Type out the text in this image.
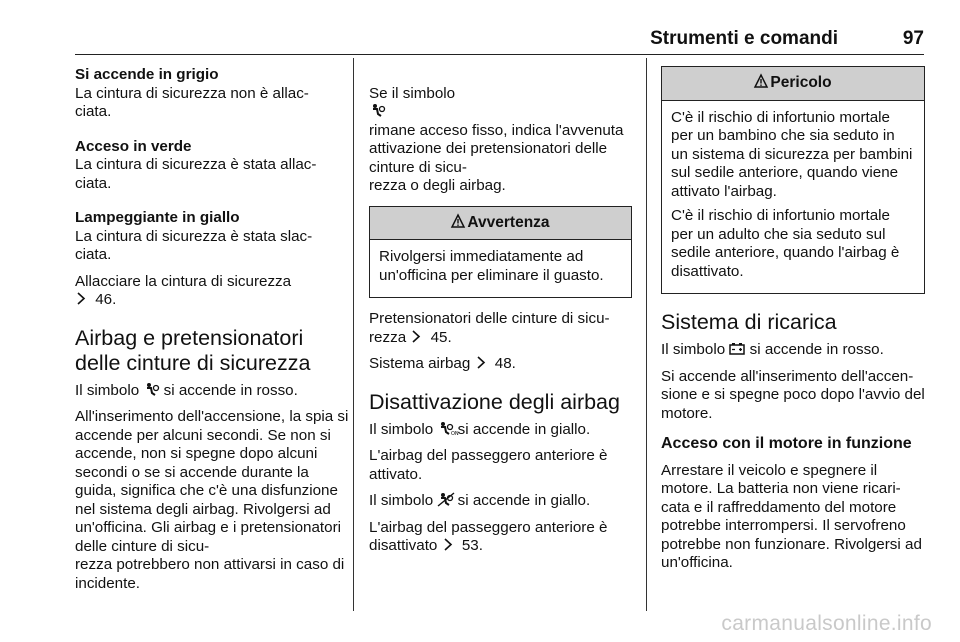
Strumenti e comandi	97

Si accende in grigio

La cintura di sicurezza non è allac-
ciata.

Acceso in verde

La cintura di sicurezza è stata allac-
ciata.

Lampeggiante in giallo

La cintura di sicurezza è stata slac-
ciata.

Allacciare la cintura di sicurezza
46.

Airbag e pretensionatori delle cinture di sicurezza

Il simbolo si accende in rosso.

All'inserimento dell'accensione, la spia si accende per alcuni secondi. Se non si accende, non si spegne dopo alcuni secondi o se si accende durante la guida, significa che c'è una disfunzione nel sistema degli airbag. Rivolgersi ad un'officina. Gli airbag e i pretensionatori delle cinture di sicu-
rezza potrebbero non attivarsi in caso di incidente.

Se il simbolo

rimane acceso fisso, indica l'avvenuta attivazione dei pretensionatori delle cinture di sicu-
rezza o degli airbag.

Avvertenza

Rivolgersi immediatamente ad un'officina per eliminare il guasto.

Pretensionatori delle cinture di sicu-
rezza 45.

Sistema airbag 48.

Disattivazione degli airbag

Il simbolo	ON
si accende in giallo.

L'airbag del passeggero anteriore è attivato.

Il simbolo si accende in giallo.

L'airbag del passeggero anteriore è disattivato 53.

Pericolo

C'è il rischio di infortunio mortale per un bambino che sia seduto in un sistema di sicurezza per bambini sul sedile anteriore, quando viene attivato l'airbag.

C'è il rischio di infortunio mortale per un adulto che sia seduto sul sedile anteriore, quando l'airbag è disattivato.

Sistema di ricarica

Il simbolo si accende in rosso.

Si accende all'inserimento dell'accen-
sione e si spegne poco dopo l'avvio del motore.

Acceso con il motore in funzione

Arrestare il veicolo e spegnere il motore. La batteria non viene ricari-
cata e il raffreddamento del motore potrebbe interrompersi. Il servofreno potrebbe non funzionare. Rivolgersi ad un'officina.

carmanualsonline.info
